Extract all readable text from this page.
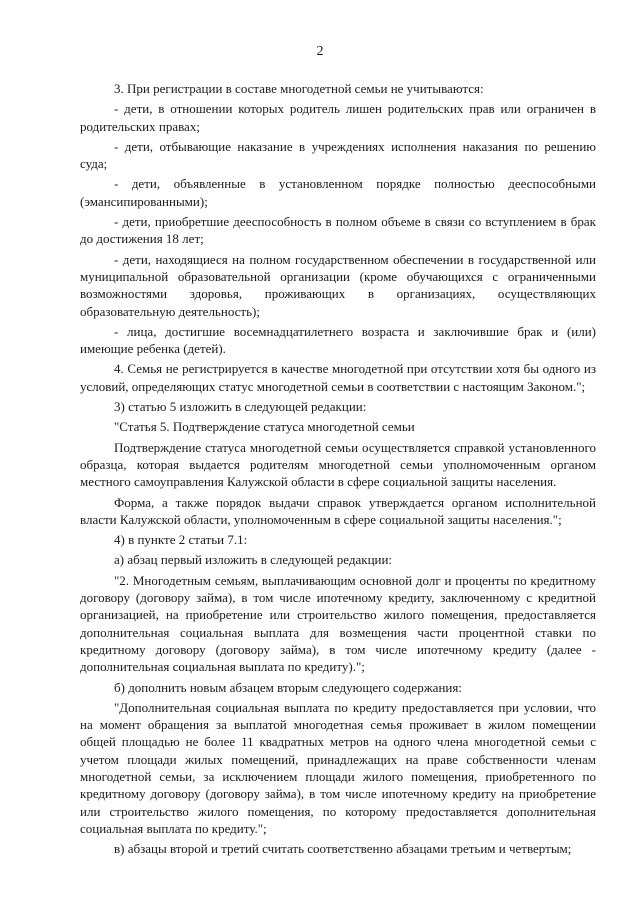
2

3. При регистрации в составе многодетной семьи не учитываются:

- дети, в отношении которых родитель лишен родительских прав или ограничен в родительских правах;

- дети, отбывающие наказание в учреждениях исполнения наказания по решению суда;

- дети, объявленные в установленном порядке полностью дееспособными (эмансипированными);

- дети, приобретшие дееспособность в полном объеме в связи со вступлением в брак до достижения 18 лет;

- дети, находящиеся на полном государственном обеспечении в государственной или муниципальной образовательной организации (кроме обучающихся с ограниченными возможностями здоровья, проживающих в организациях, осуществляющих образовательную деятельность);

- лица, достигшие восемнадцатилетнего возраста и заключившие брак и (или) имеющие ребенка (детей).

4. Семья не регистрируется в качестве многодетной при отсутствии хотя бы одного из условий, определяющих статус многодетной семьи в соответствии с настоящим Законом.";

3) статью 5 изложить в следующей редакции:

"Статья 5. Подтверждение статуса многодетной семьи

Подтверждение статуса многодетной семьи осуществляется справкой установленного образца, которая выдается родителям многодетной семьи уполномоченным органом местного самоуправления Калужской области в сфере социальной защиты населения.

Форма, а также порядок выдачи справок утверждается органом исполнительной власти Калужской области, уполномоченным в сфере социальной защиты населения.";

4) в пункте 2 статьи 7.1:

а) абзац первый изложить в следующей редакции:

"2. Многодетным семьям, выплачивающим основной долг и проценты по кредитному договору (договору займа), в том числе ипотечному кредиту, заключенному с кредитной организацией, на приобретение или строительство жилого помещения, предоставляется дополнительная социальная выплата для возмещения части процентной ставки по кредитному договору (договору займа), в том числе ипотечному кредиту (далее - дополнительная социальная выплата по кредиту).";

б) дополнить новым абзацем вторым следующего содержания:

"Дополнительная социальная выплата по кредиту предоставляется при условии, что на момент обращения за выплатой многодетная семья проживает в жилом помещении общей площадью не более 11 квадратных метров на одного члена многодетной семьи с учетом площади жилых помещений, принадлежащих на праве собственности членам многодетной семьи, за исключением площади жилого помещения, приобретенного по кредитному договору (договору займа), в том числе ипотечному кредиту на приобретение или строительство жилого помещения, по которому предоставляется дополнительная социальная выплата по кредиту.";

в) абзацы второй и третий считать соответственно абзацами третьим и четвертым;
